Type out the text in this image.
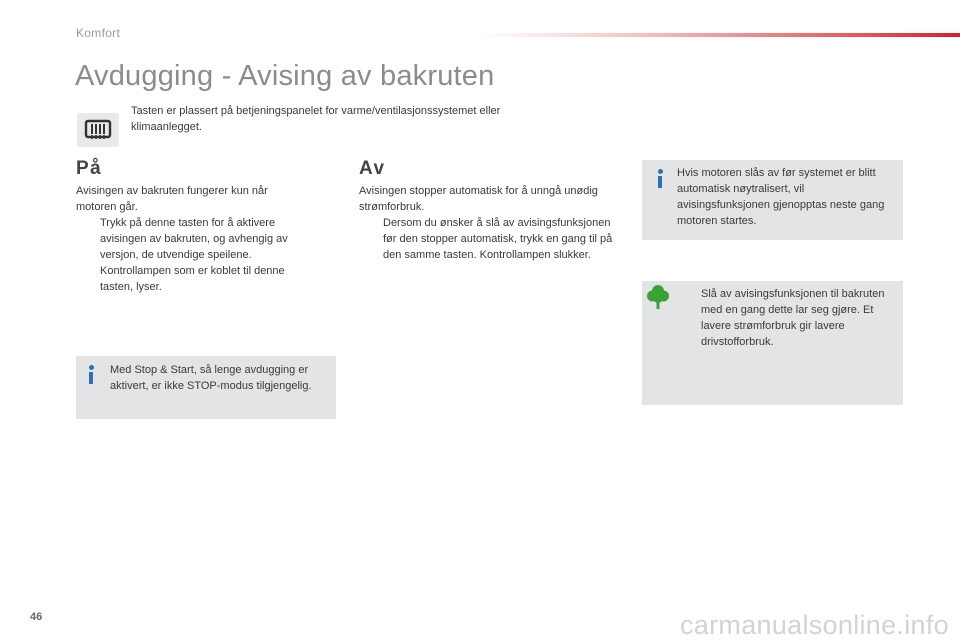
Komfort
Avdugging - Avising av bakruten
Tasten er plassert på betjeningspanelet for varme/ventilasjonssystemet eller klimaanlegget.
På

Avisingen av bakruten fungerer kun når motoren går.

Trykk på denne tasten for å aktivere avisingen av bakruten, og avhengig av versjon, de utvendige speilene. Kontrollampen som er koblet til denne tasten, lyser.
Av

Avisingen stopper automatisk for å unngå unødig strømforbruk.

Dersom du ønsker å slå av avisingsfunksjonen før den stopper automatisk, trykk en gang til på den samme tasten. Kontrollampen slukker.
Med Stop & Start, så lenge avdugging er aktivert, er ikke STOP-modus tilgjengelig.
Hvis motoren slås av før systemet er blitt automatisk nøytralisert, vil avisingsfunksjonen gjenopptas neste gang motoren startes.
Slå av avisingsfunksjonen til bakruten med en gang dette lar seg gjøre. Et lavere strømforbruk gir lavere drivstofforbruk.
46	carmanualsonline.info
